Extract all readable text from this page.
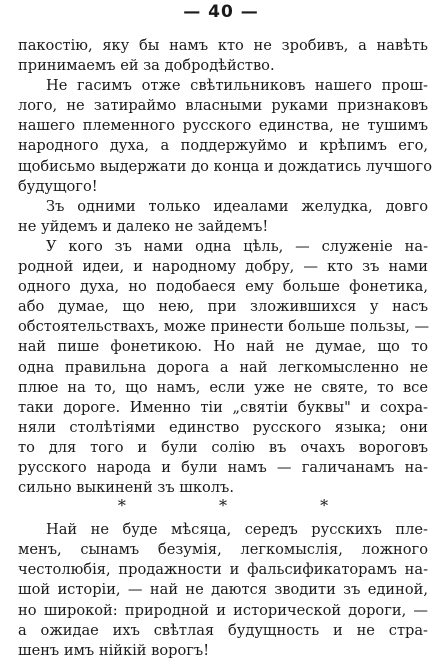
— 40 —
пакостію, яку бы намъ кто не зробивъ, а навѣть
принимаемъ ей за добродѣйство.
Не гасимъ отже свѣтильниковъ нашего прош-
лого, не затираймо власными руками признаковъ
нашего племенного русского единства, не тушимъ
народного духа, а поддержуймо и крѣпимъ его,
щобисьмо выдержати до конца и дождатись лучшого
будущого!
Зъ одними только идеалами желудка, довго
не уйдемъ и далеко не зайдемъ!
У кого зъ нами одна цѣль, — служеніе на-
родной идеи, и народному добру, — кто зъ нами
одного духа, но подобаеся ему больше фонетика,
або думае, що нею, при зложившихся у насъ
обстоятельствахъ, може принести больше пользы, —
най пише фонетикою. Но най не думае, що то
одна правильна дорога а най легкомысленно не
плюе на то, що намъ, если уже не святе, то все
таки дороге. Именно тіи „святіи буквы" и сохра-
няли столѣтіями единство русского языка; они
то для того и були солію въ очахъ вороговъ
русского народа и були намъ — галичанамъ на-
сильно выкиненй зъ школъ.
* * *
Най не буде мѣсяца, середъ русскихъ пле-
менъ, сынамъ безумія, легкомыслія, ложного
честолюбія, продажности и фальсификаторамъ на-
шой исторіи, — най не даются зводити зъ единой,
но широкой: природной и исторической дороги, —
а ожидае ихъ свѣтлая будущность и не стра-
шенъ имъ нійкій ворогъ!
